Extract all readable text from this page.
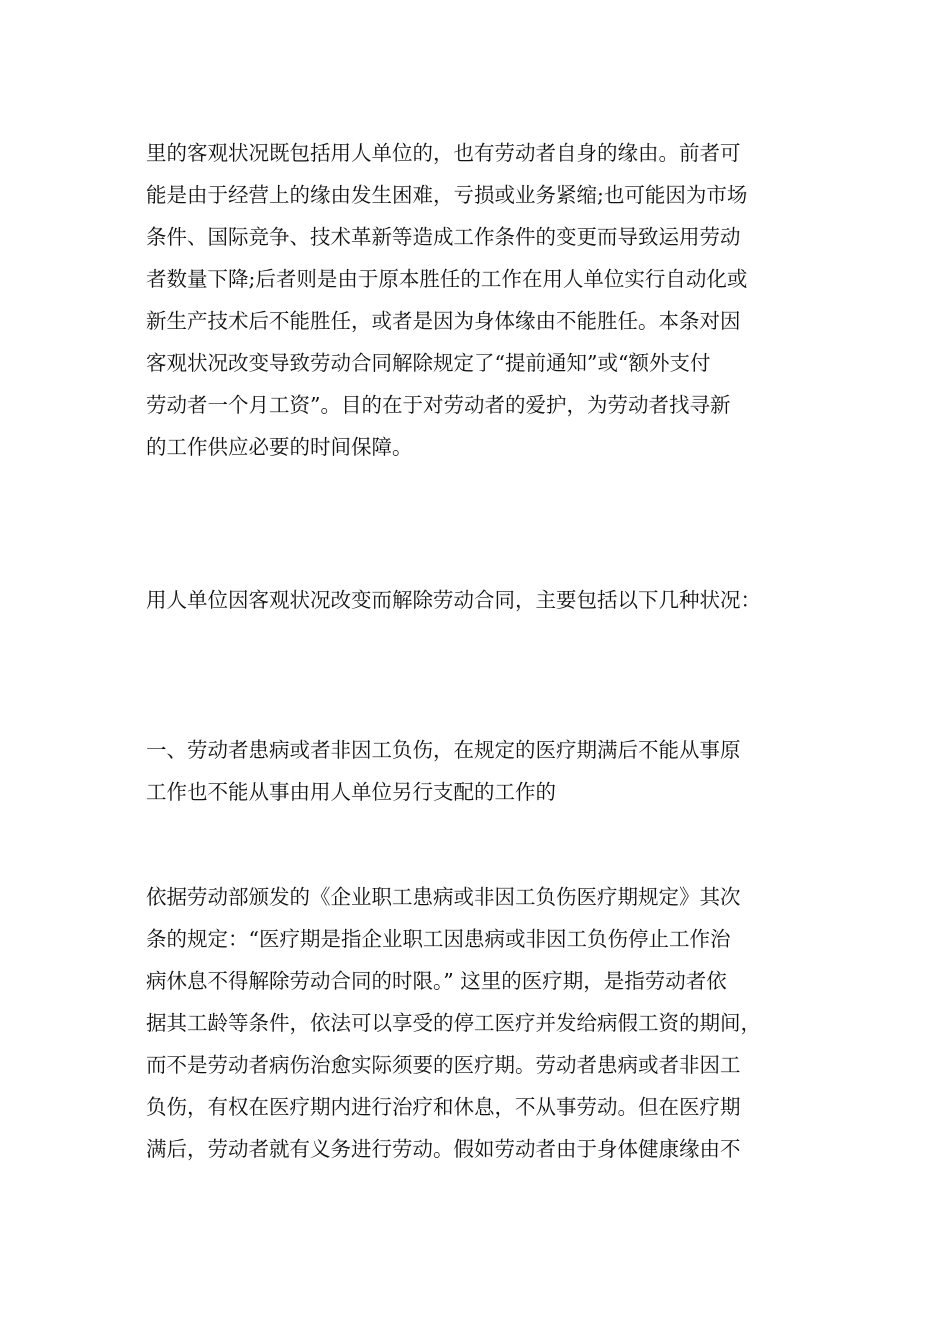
里的客观状况既包括用人单位的，也有劳动者自身的缘由。前者可
能是由于经营上的缘由发生困难，亏损或业务紧缩;也可能因为市场
条件、国际竞争、技术革新等造成工作条件的变更而导致运用劳动
者数量下降;后者则是由于原本胜任的工作在用人单位实行自动化或
新生产技术后不能胜任，或者是因为身体缘由不能胜任。本条对因
客观状况改变导致劳动合同解除规定了“提前通知”或“额外支付
劳动者一个月工资”。目的在于对劳动者的爱护，为劳动者找寻新
的工作供应必要的时间保障。
用人单位因客观状况改变而解除劳动合同，主要包括以下几种状况：
一、劳动者患病或者非因工负伤，在规定的医疗期满后不能从事原
工作也不能从事由用人单位另行支配的工作的
依据劳动部颁发的《企业职工患病或非因工负伤医疗期规定》其次
条的规定：“医疗期是指企业职工因患病或非因工负伤停止工作治
病休息不得解除劳动合同的时限。” 这里的医疗期，是指劳动者依
据其工龄等条件，依法可以享受的停工医疗并发给病假工资的期间，
而不是劳动者病伤治愈实际须要的医疗期。劳动者患病或者非因工
负伤，有权在医疗期内进行治疗和休息，不从事劳动。但在医疗期
满后，劳动者就有义务进行劳动。假如劳动者由于身体健康缘由不
